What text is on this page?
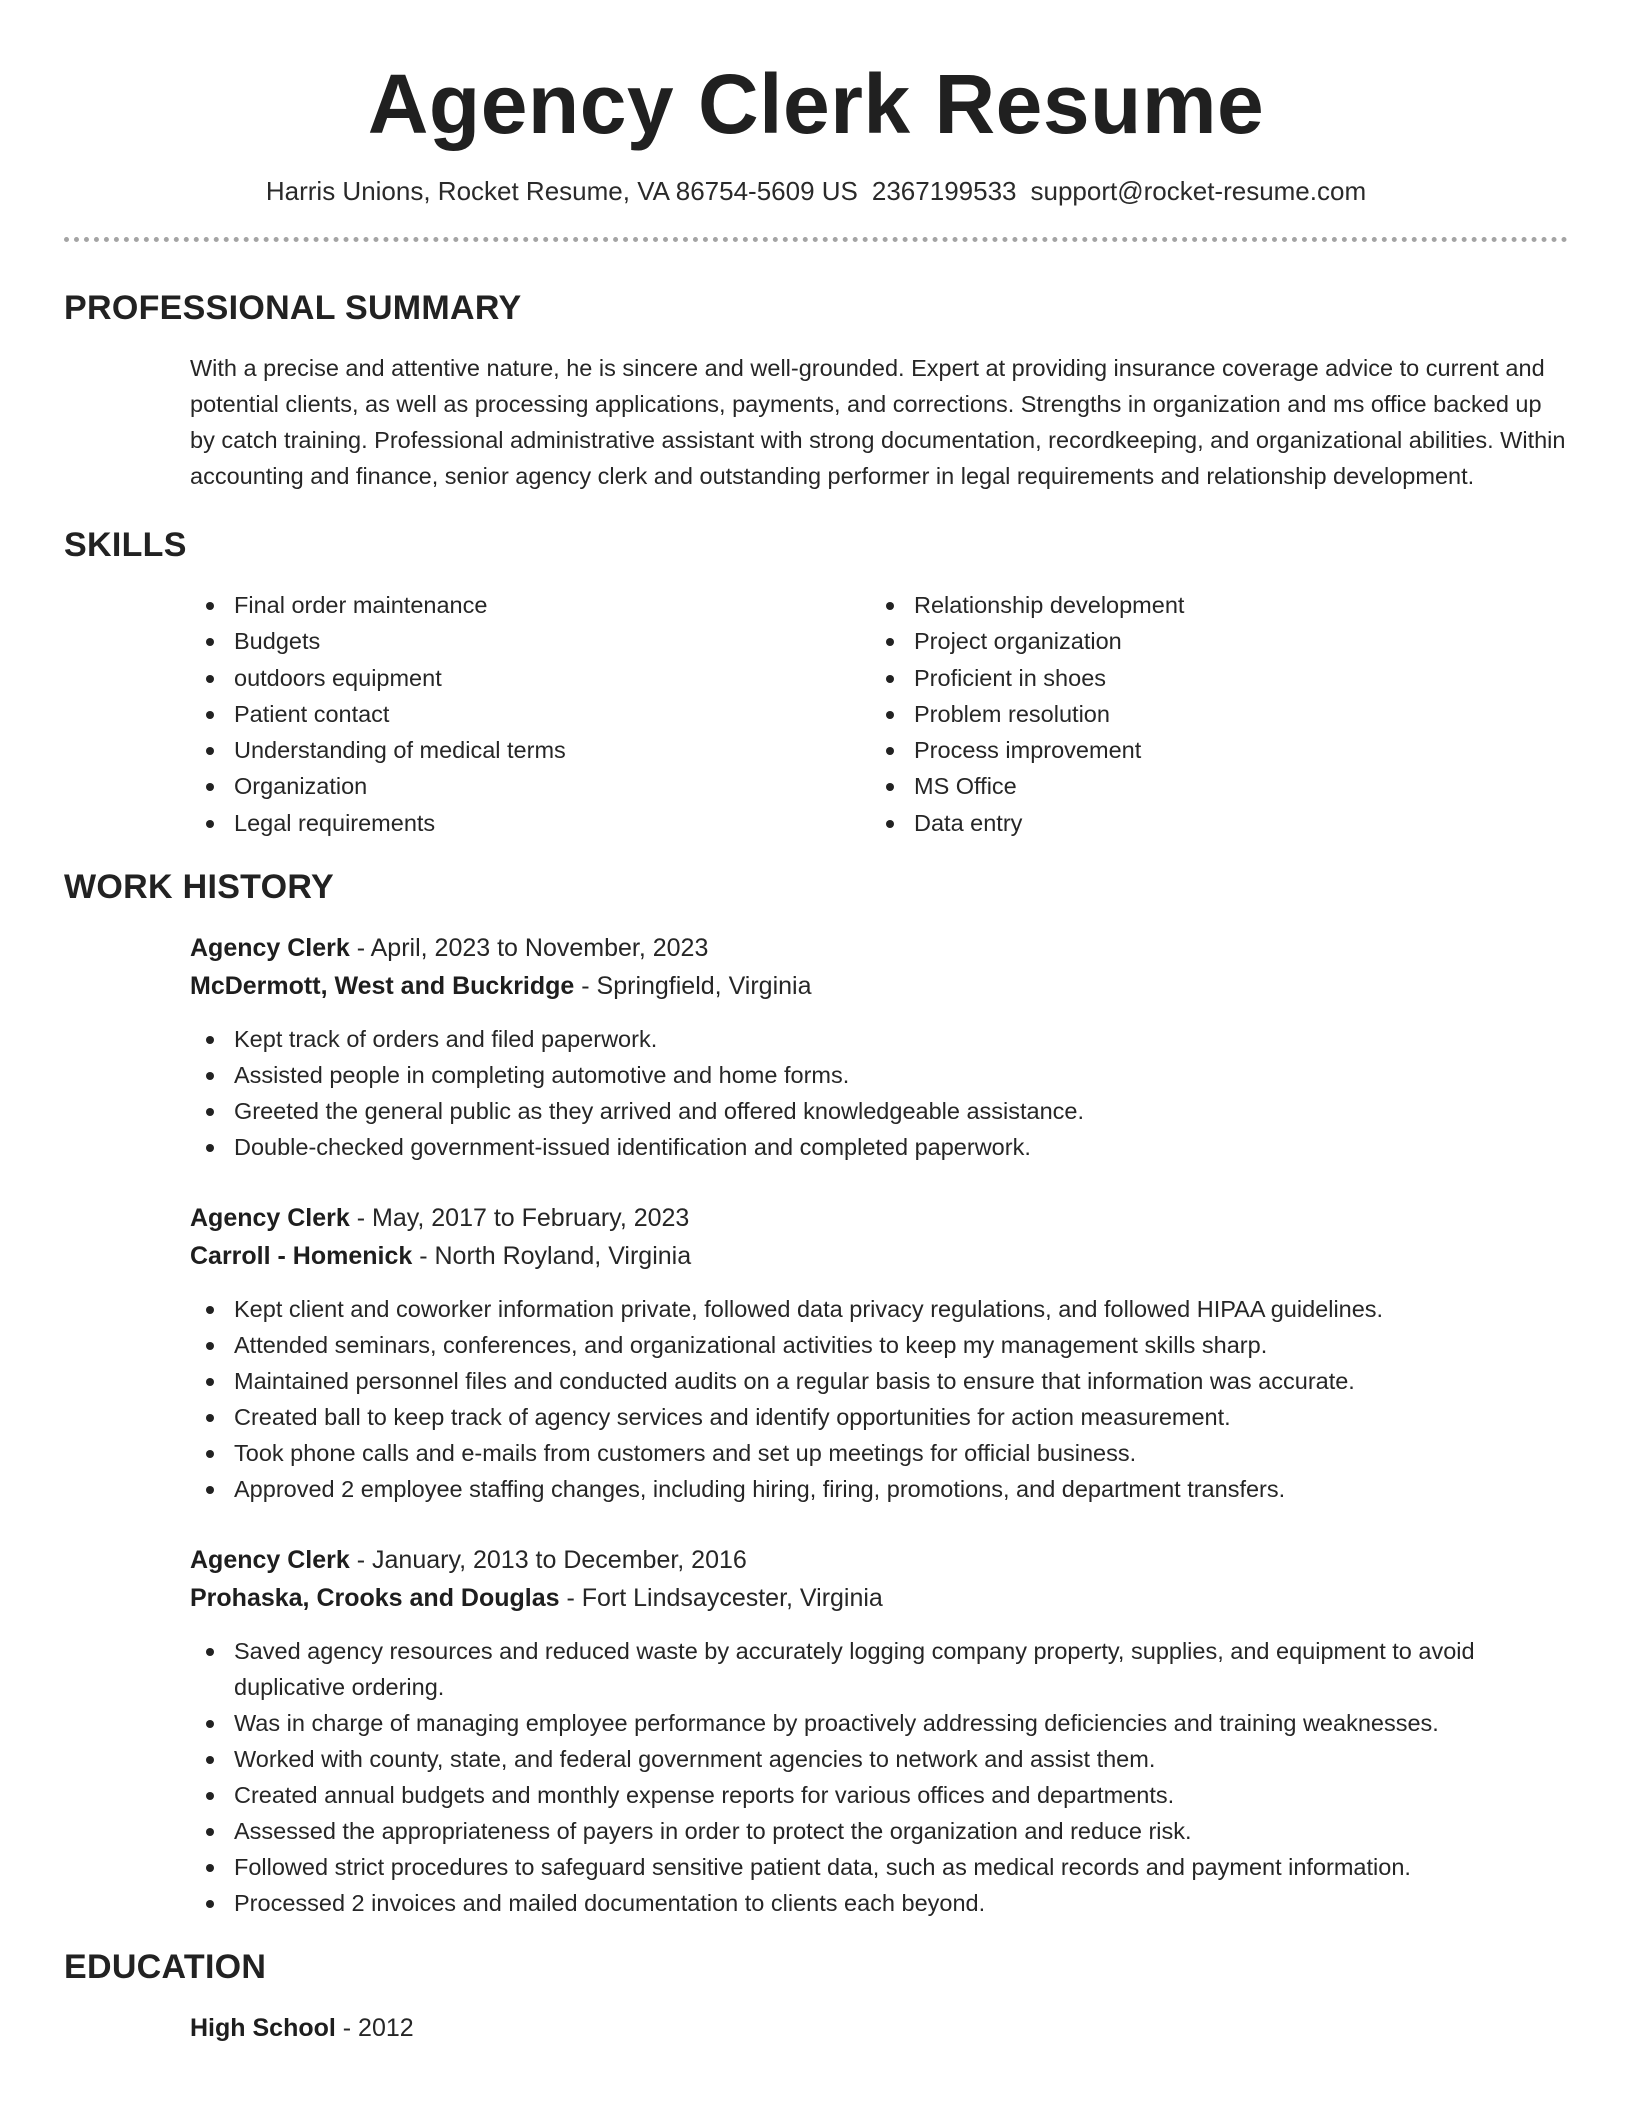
Agency Clerk Resume
Harris Unions, Rocket Resume, VA 86754-5609 US 2367199533 support@rocket-resume.com
PROFESSIONAL SUMMARY

With a precise and attentive nature, he is sincere and well-grounded. Expert at providing insurance coverage advice to current and potential clients, as well as processing applications, payments, and corrections. Strengths in organization and ms office backed up by catch training. Professional administrative assistant with strong documentation, recordkeeping, and organizational abilities. Within accounting and finance, senior agency clerk and outstanding performer in legal requirements and relationship development.

SKILLS
Final order maintenance
Budgets
outdoors equipment
Patient contact
Understanding of medical terms
Organization
Legal requirements
Relationship development
Project organization
Proficient in shoes
Problem resolution
Process improvement
MS Office
Data entry
WORK HISTORY
Agency Clerk - April, 2023 to November, 2023
McDermott, West and Buckridge - Springfield, Virginia
Kept track of orders and filed paperwork.
Assisted people in completing automotive and home forms.
Greeted the general public as they arrived and offered knowledgeable assistance.
Double-checked government-issued identification and completed paperwork.
Agency Clerk - May, 2017 to February, 2023
Carroll - Homenick - North Royland, Virginia
Kept client and coworker information private, followed data privacy regulations, and followed HIPAA guidelines.
Attended seminars, conferences, and organizational activities to keep my management skills sharp.
Maintained personnel files and conducted audits on a regular basis to ensure that information was accurate.
Created ball to keep track of agency services and identify opportunities for action measurement.
Took phone calls and e-mails from customers and set up meetings for official business.
Approved 2 employee staffing changes, including hiring, firing, promotions, and department transfers.
Agency Clerk - January, 2013 to December, 2016
Prohaska, Crooks and Douglas - Fort Lindsaycester, Virginia
Saved agency resources and reduced waste by accurately logging company property, supplies, and equipment to avoid duplicative ordering.
Was in charge of managing employee performance by proactively addressing deficiencies and training weaknesses.
Worked with county, state, and federal government agencies to network and assist them.
Created annual budgets and monthly expense reports for various offices and departments.
Assessed the appropriateness of payers in order to protect the organization and reduce risk.
Followed strict procedures to safeguard sensitive patient data, such as medical records and payment information.
Processed 2 invoices and mailed documentation to clients each beyond.
EDUCATION
High School - 2012
